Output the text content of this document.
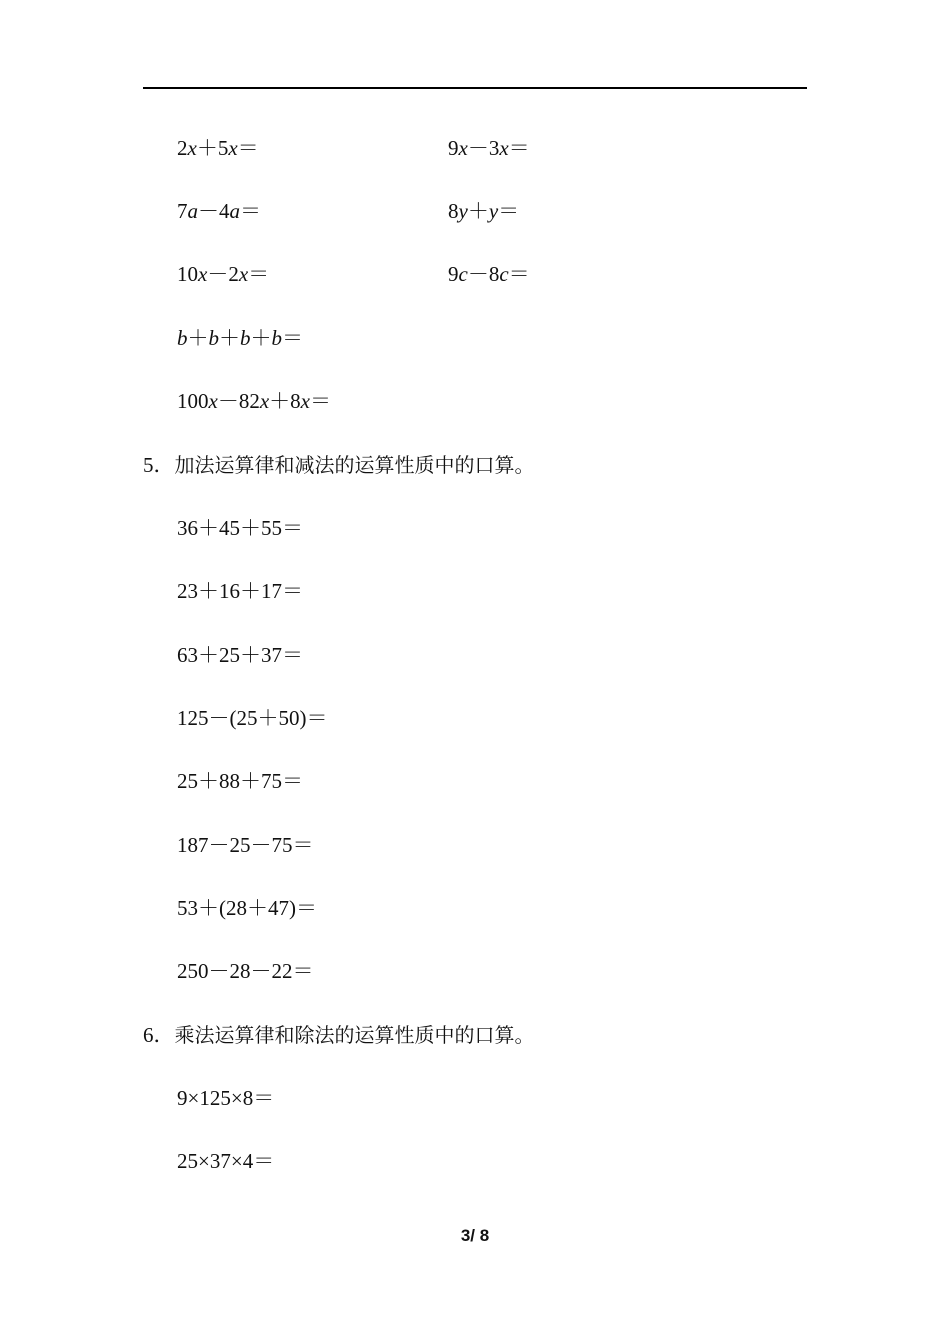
2x＋5x＝	9x－3x＝
7a－4a＝	8y＋y＝
10x－2x＝	9c－8c＝
b＋b＋b＋b＝
100x－82x＋8x＝
5．加法运算律和减法的运算性质中的口算。
36＋45＋55＝
23＋16＋17＝
63＋25＋37＝
125－(25＋50)＝
25＋88＋75＝
187－25－75＝
53＋(28＋47)＝
250－28－22＝
6．乘法运算律和除法的运算性质中的口算。
9×125×8＝
25×37×4＝
3/ 8
